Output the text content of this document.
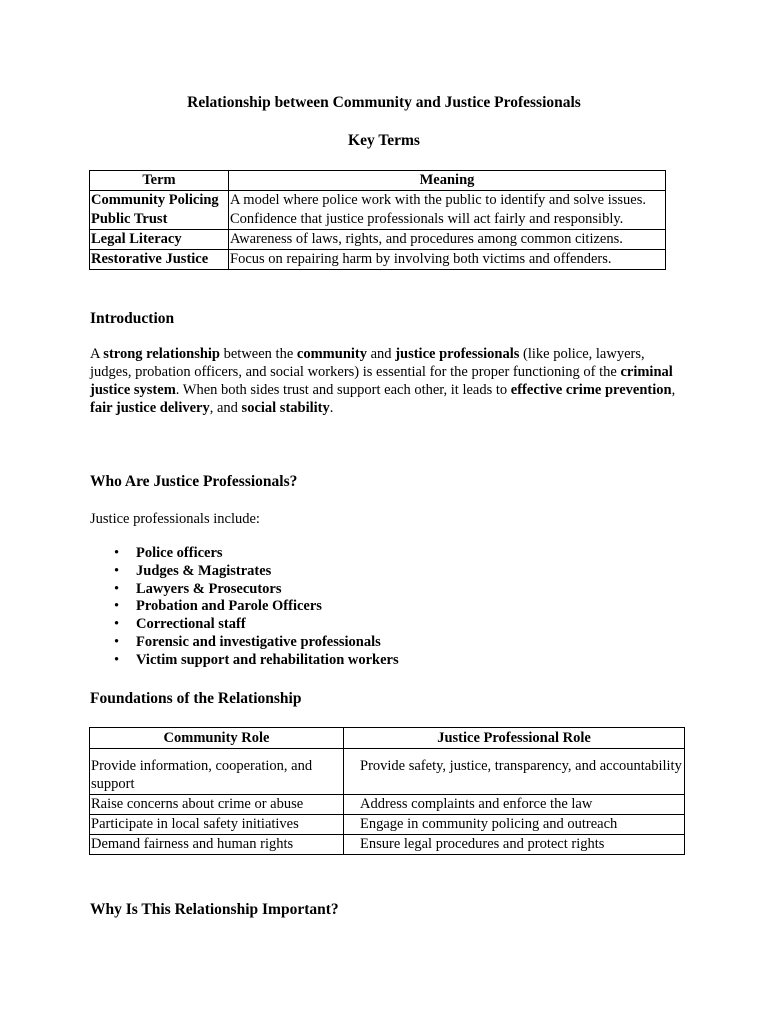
Relationship between Community and Justice Professionals
Key Terms
Term	Meaning
Community Policing	A model where police work with the public to identify and solve issues.
Public Trust	Confidence that justice professionals will act fairly and responsibly.
Legal Literacy	Awareness of laws, rights, and procedures among common citizens.
Restorative Justice	Focus on repairing harm by involving both victims and offenders.
Introduction

A strong relationship between the community and justice professionals (like police, lawyers, judges, probation officers, and social workers) is essential for the proper functioning of the criminal justice system. When both sides trust and support each other, it leads to effective crime prevention, fair justice delivery, and social stability.

Who Are Justice Professionals?

Justice professionals include:

• Police officers
• Judges & Magistrates
• Lawyers & Prosecutors
• Probation and Parole Officers
• Correctional staff
• Forensic and investigative professionals
• Victim support and rehabilitation workers
Foundations of the Relationship
Community Role	Justice Professional Role
Provide information, cooperation, and support	Provide safety, justice, transparency, and accountability
Raise concerns about crime or abuse	Address complaints and enforce the law
Participate in local safety initiatives	Engage in community policing and outreach
Demand fairness and human rights	Ensure legal procedures and protect rights
Why Is This Relationship Important?
